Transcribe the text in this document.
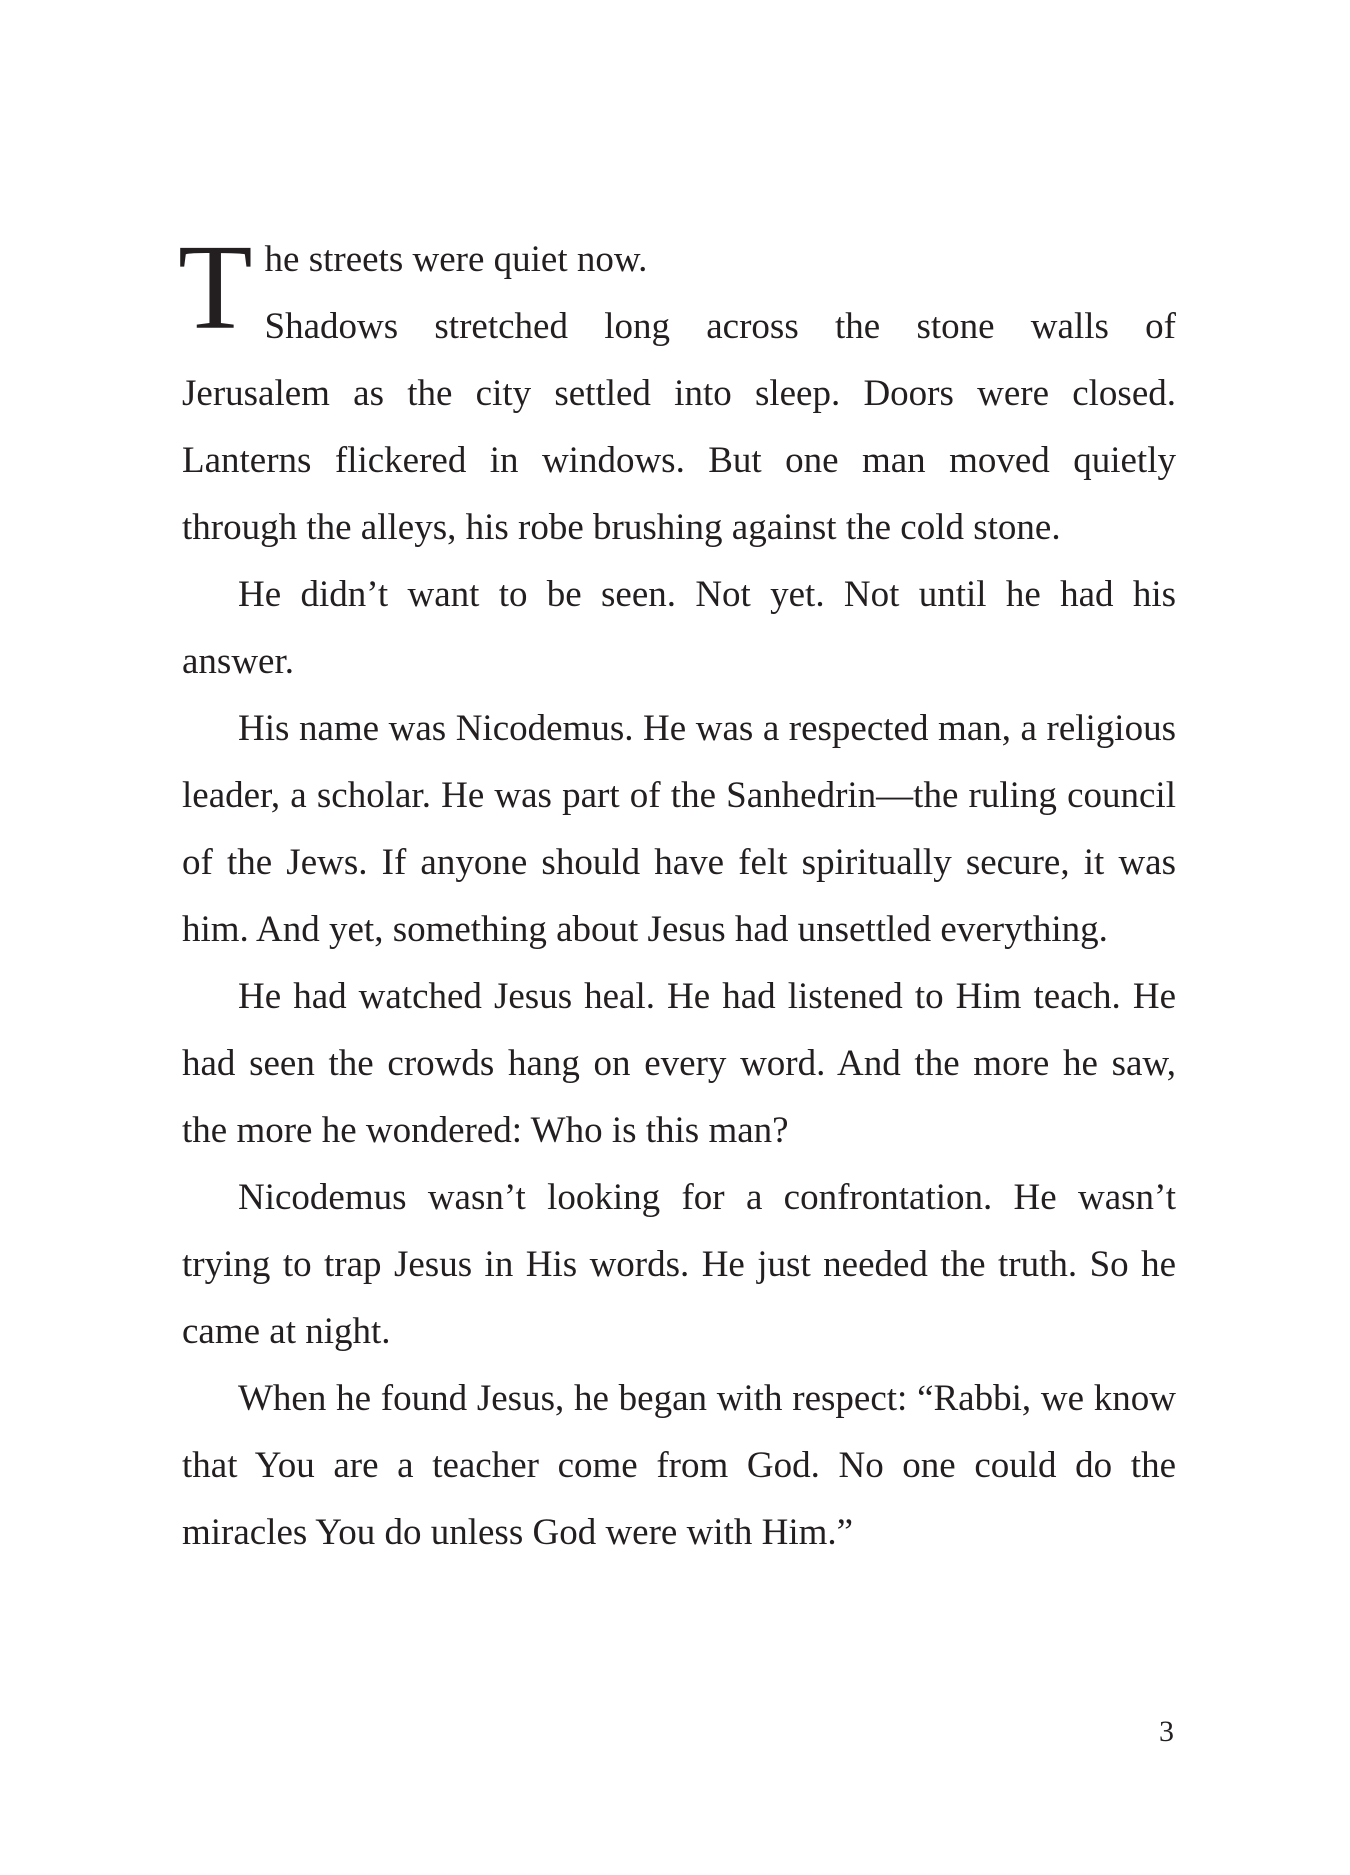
T he streets were quiet now.
Shadows stretched long across the stone walls of

Jerusalem as the city settled into sleep. Doors were closed. Lanterns flickered in windows. But one man moved quietly through the alleys, his robe brushing against the cold stone.

He didn’t want to be seen. Not yet. Not until he had his answer.

His name was Nicodemus. He was a respected man, a religious leader, a scholar. He was part of the Sanhedrin—the ruling council of the Jews. If anyone should have felt spiritually secure, it was him. And yet, something about Jesus had unsettled everything.

He had watched Jesus heal. He had listened to Him teach. He had seen the crowds hang on every word. And the more he saw, the more he wondered: Who is this man?

Nicodemus wasn’t looking for a confrontation. He wasn’t trying to trap Jesus in His words. He just needed the truth. So he came at night.

When he found Jesus, he began with respect: “Rabbi, we know that You are a teacher come from God. No one could do the miracles You do unless God were with Him.”

3
